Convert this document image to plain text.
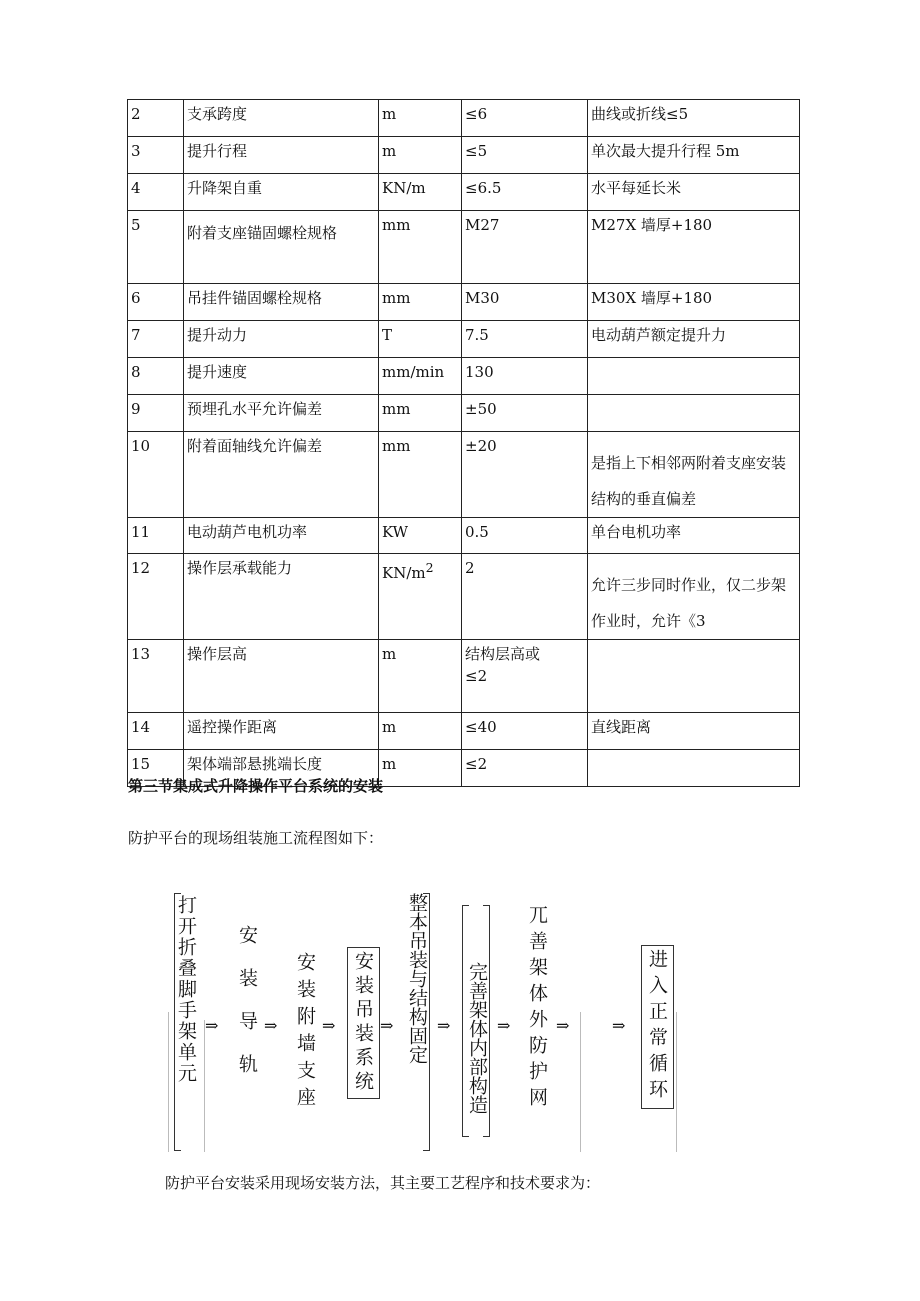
2	支承跨度	m	≤6	曲线或折线≤5
3	提升行程	m	≤5	单次最大提升行程 5m
4	升降架自重	KN/m	≤6.5	水平每延长米
5	附着支座锚固螺栓规格	mm	M27	M27X 墙厚+180
6	吊挂件锚固螺栓规格	mm	M30	M30X 墙厚+180
7	提升动力	T	7.5	电动葫芦额定提升力
8	提升速度	mm/min	130	
9	预埋孔水平允许偏差	mm	±50	
10	附着面轴线允许偏差	mm	±20	是指上下相邻两附着支座安装结构的垂直偏差

11	电动葫芦电机功率	KW	0.5	单台电机功率
12	操作层承载能力	$KN/m^2$	2	允许三步同时作业，仅二步架作业时，允许《3

13	操作层高	m	结构层高或
≤2	
14	遥控操作距离	m	≤40	直线距离
15	架体端部悬挑端长度	m	≤2	
第三节集成式升降操作平台系统的安装
防护平台的现场组装施工流程图如下：
打开折叠脚手架单元 ⇒ 安装导轨 ⇒ 安装附墙支座 ⇒ 安装吊装系统 ⇒ 整本吊装与结构固定 ⇒ 完善架体内部构造 ⇒ 兀善架体外防护网 ⇒	⇒ 进入正常循环
防护平台安装采用现场安装方法，其主要工艺程序和技术要求为：
